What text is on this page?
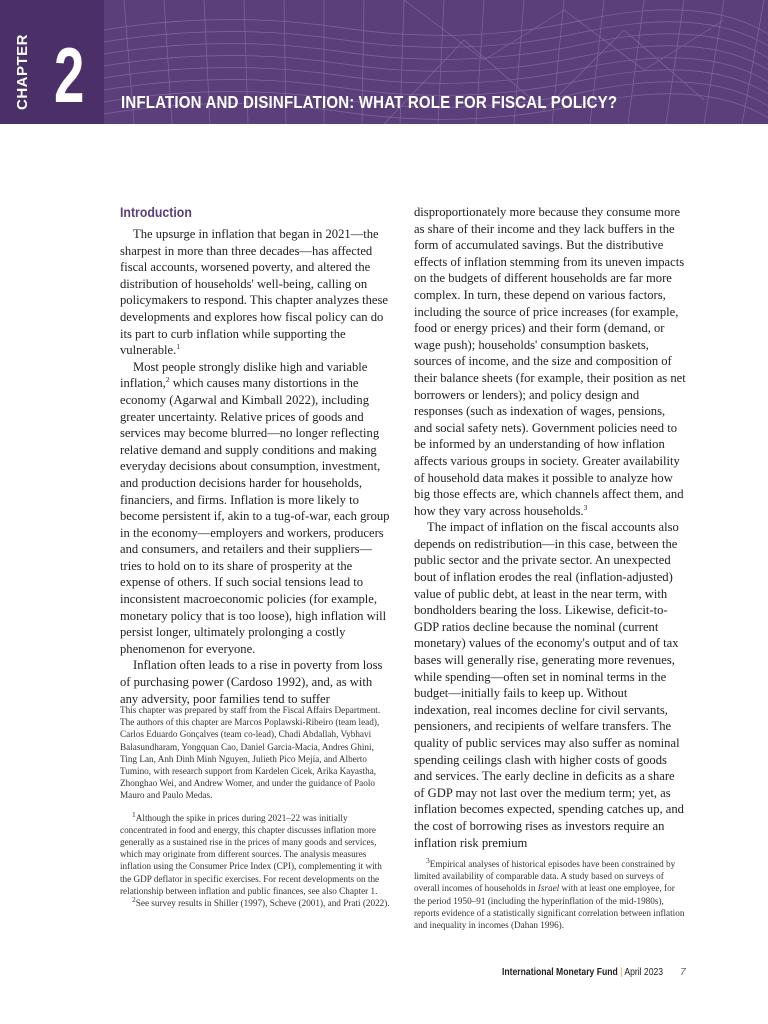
CHAPTER 2 INFLATION AND DISINFLATION: WHAT ROLE FOR FISCAL POLICY?
Introduction

The upsurge in inflation that began in 2021—the sharpest in more than three decades—has affected fiscal accounts, worsened poverty, and altered the distribution of households' well-being, calling on policymakers to respond. This chapter analyzes these developments and explores how fiscal policy can do its part to curb inflation while supporting the vulnerable.$^1$

Most people strongly dislike high and variable inflation,$^2$ which causes many distortions in the economy (Agarwal and Kimball 2022), including greater uncertainty. Relative prices of goods and services may become blurred—no longer reflecting relative demand and supply conditions and making everyday decisions about consumption, investment, and production decisions harder for households, financiers, and firms. Inflation is more likely to become persistent if, akin to a tug-of-war, each group in the economy—employers and workers, producers and consumers, and retailers and their suppliers—tries to hold on to its share of prosperity at the expense of others. If such social tensions lead to inconsistent macroeconomic policies (for example, monetary policy that is too loose), high inflation will persist longer, ultimately prolonging a costly phenomenon for everyone.

Inflation often leads to a rise in poverty from loss of purchasing power (Cardoso 1992), and, as with any adversity, poor families tend to suffer

disproportionately more because they consume more as share of their income and they lack buffers in the form of accumulated savings. But the distributive effects of inflation stemming from its uneven impacts on the budgets of different households are far more complex. In turn, these depend on various factors, including the source of price increases (for example, food or energy prices) and their form (demand, or wage push); households' consumption baskets, sources of income, and the size and composition of their balance sheets (for example, their position as net borrowers or lenders); and policy design and responses (such as indexation of wages, pensions, and social safety nets). Government policies need to be informed by an understanding of how inflation affects various groups in society. Greater availability of household data makes it possible to analyze how big those effects are, which channels affect them, and how they vary across households.$^3$

The impact of inflation on the fiscal accounts also depends on redistribution—in this case, between the public sector and the private sector. An unexpected bout of inflation erodes the real (inflation-adjusted) value of public debt, at least in the near term, with bondholders bearing the loss. Likewise, deficit-to-GDP ratios decline because the nominal (current monetary) values of the economy's output and of tax bases will generally rise, generating more revenues, while spending—often set in nominal terms in the budget—initially fails to keep up. Without indexation, real incomes decline for civil servants, pensioners, and recipients of welfare transfers. The quality of public services may also suffer as nominal spending ceilings clash with higher costs of goods and services. The early decline in deficits as a share of GDP may not last over the medium term; yet, as inflation becomes expected, spending catches up, and the cost of borrowing rises as investors require an inflation risk premium

This chapter was prepared by staff from the Fiscal Affairs Department. The authors of this chapter are Marcos Poplawski-Ribeiro (team lead), Carlos Eduardo Gonçalves (team co-lead), Chadi Abdallah, Vybhavi Balasundharam, Yongquan Cao, Daniel Garcia-Macia, Andres Ghini, Ting Lan, Anh Dinh Minh Nguyen, Julieth Pico Mejía, and Alberto Tumino, with research support from Kardelen Cicek, Arika Kayastha, Zhonghao Wei, and Andrew Womer, and under the guidance of Paolo Mauro and Paulo Medas.

$^1$Although the spike in prices during 2021–22 was initially concentrated in food and energy, this chapter discusses inflation more generally as a sustained rise in the prices of many goods and services, which may originate from different sources. The analysis measures inflation using the Consumer Price Index (CPI), complementing it with the GDP deflator in specific exercises. For recent developments on the relationship between inflation and public finances, see also Chapter 1.

$^2$See survey results in Shiller (1997), Scheve (2001), and Prati (2022).

$^3$Empirical analyses of historical episodes have been constrained by limited availability of comparable data. A study based on surveys of overall incomes of households in Israel with at least one employee, for the period 1950–91 (including the hyperinflation of the mid-1980s), reports evidence of a statistically significant correlation between inflation and inequality in incomes (Dahan 1996).

International Monetary Fund | April 2023 7
